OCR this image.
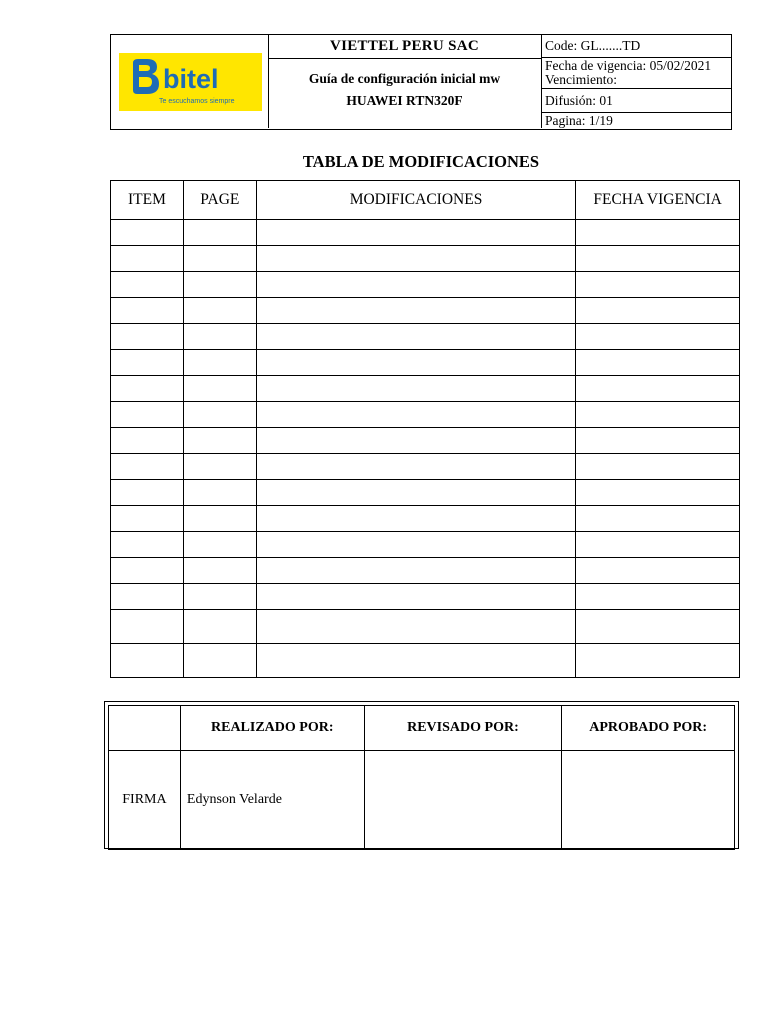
bitel
Te escuchamos siempre
VIETTEL PERU SAC
Guía de configuración inicial mw
HUAWEI RTN320F
Code: GL.......TD
Fecha de vigencia: 05/02/2021
Vencimiento:
Difusión: 01
Pagina: 1/19
TABLA DE MODIFICACIONES
ITEM	PAGE	MODIFICACIONES	FECHA VIGENCIA

	REALIZADO POR:	REVISADO POR:	APROBADO POR:
FIRMA	Edynson Velarde		
